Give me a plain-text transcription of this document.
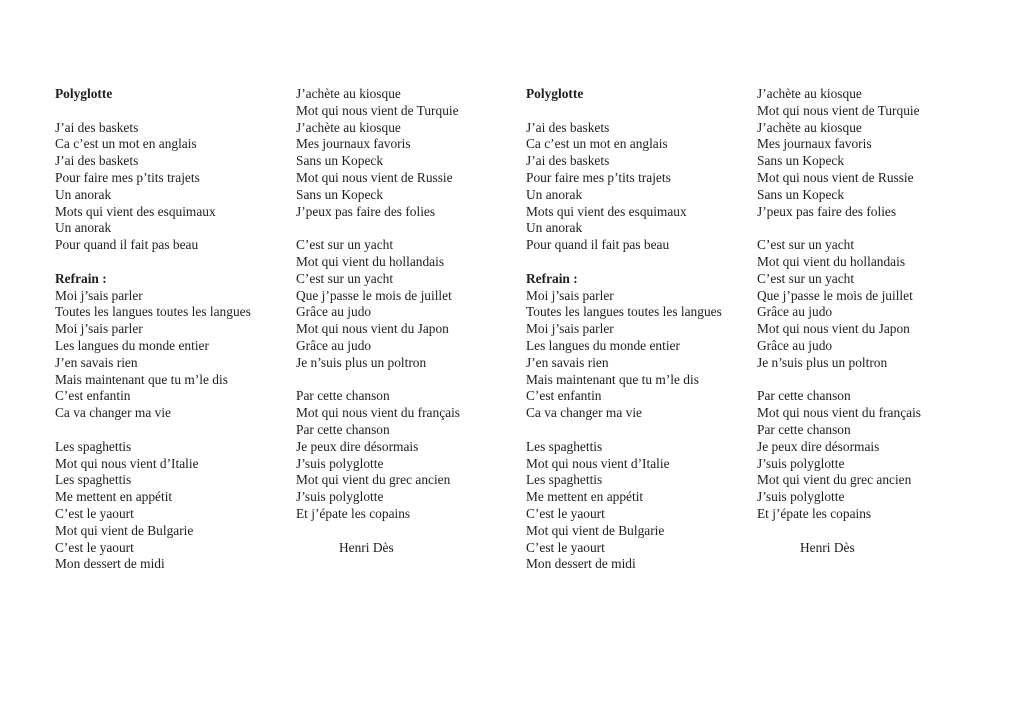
Polyglotte
J’ai des baskets
Ca c’est un mot en anglais
J’ai des baskets
Pour faire mes p’tits trajets
Un anorak
Mots qui vient des esquimaux
Un anorak
Pour quand il fait pas beau
Refrain :
Moi j’sais parler
Toutes les langues toutes les langues
Moi j’sais parler
Les langues du monde entier
J’en savais rien
Mais maintenant que tu m’le dis
C’est enfantin
Ca va changer ma vie
Les spaghettis
Mot qui nous vient d’Italie
Les spaghettis
Me mettent en appétit
C’est le yaourt
Mot qui vient de Bulgarie
C’est le yaourt
Mon dessert de midi
J’achète au kiosque
Mot qui nous vient de Turquie
J’achète au kiosque
Mes journaux favoris
Sans un Kopeck
Mot qui nous vient de Russie
Sans un Kopeck
J’peux pas faire des folies
C’est sur un yacht
Mot qui vient du hollandais
C’est sur un yacht
Que j’passe le mois de juillet
Grâce au judo
Mot qui nous vient du Japon
Grâce au judo
Je n’suis plus un poltron
Par cette chanson
Mot qui nous vient du français
Par cette chanson
Je peux dire désormais
J’suis polyglotte
Mot qui vient du grec ancien
J’suis polyglotte
Et j’épate les copains
Henri Dès
Polyglotte
J’ai des baskets
Ca c’est un mot en anglais
J’ai des baskets
Pour faire mes p’tits trajets
Un anorak
Mots qui vient des esquimaux
Un anorak
Pour quand il fait pas beau
Refrain :
Moi j’sais parler
Toutes les langues toutes les langues
Moi j’sais parler
Les langues du monde entier
J’en savais rien
Mais maintenant que tu m’le dis
C’est enfantin
Ca va changer ma vie
Les spaghettis
Mot qui nous vient d’Italie
Les spaghettis
Me mettent en appétit
C’est le yaourt
Mot qui vient de Bulgarie
C’est le yaourt
Mon dessert de midi
J’achète au kiosque
Mot qui nous vient de Turquie
J’achète au kiosque
Mes journaux favoris
Sans un Kopeck
Mot qui nous vient de Russie
Sans un Kopeck
J’peux pas faire des folies
C’est sur un yacht
Mot qui vient du hollandais
C’est sur un yacht
Que j’passe le mois de juillet
Grâce au judo
Mot qui nous vient du Japon
Grâce au judo
Je n’suis plus un poltron
Par cette chanson
Mot qui nous vient du français
Par cette chanson
Je peux dire désormais
J’suis polyglotte
Mot qui vient du grec ancien
J’suis polyglotte
Et j’épate les copains
Henri Dès
